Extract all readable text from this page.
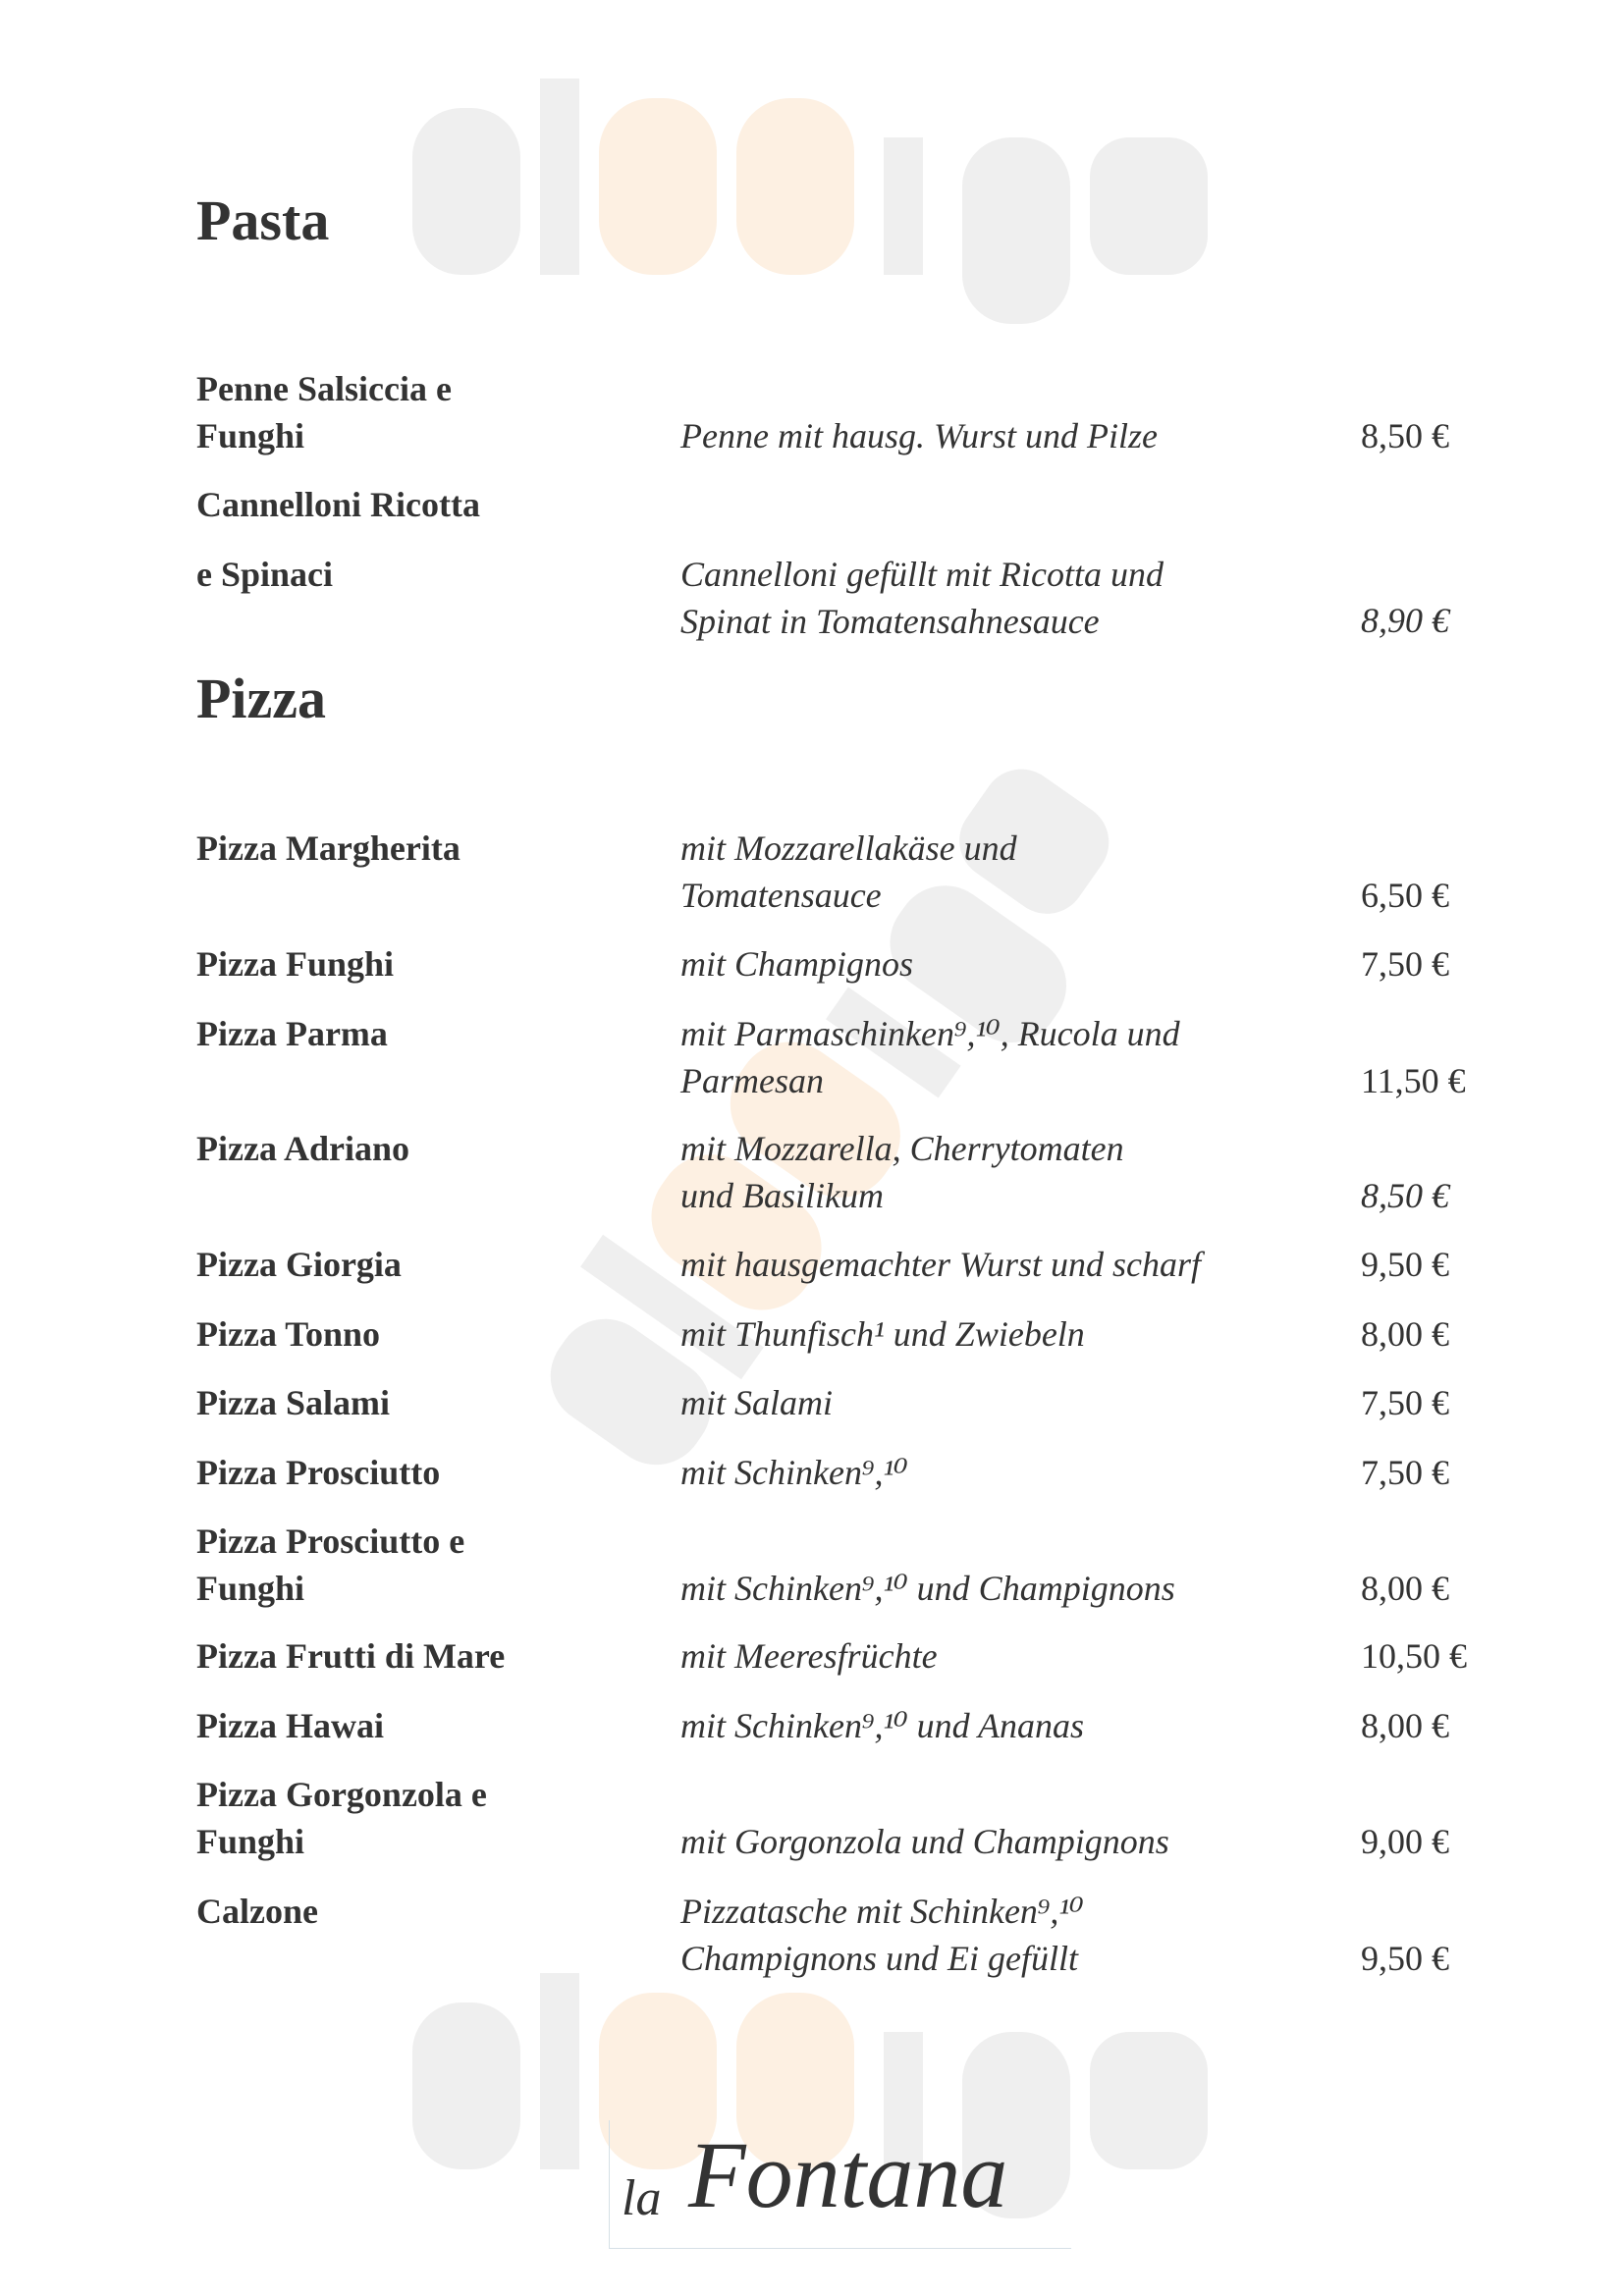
Pasta
Penne Salsiccia e
Funghi	Penne mit hausg. Wurst und Pilze	8,50 €
Cannelloni Ricotta
e Spinaci	Cannelloni gefüllt mit Ricotta und
Spinat in Tomatensahnesauce	8,90 €
Pizza
Pizza Margherita	mit Mozzarellakäse und
Tomatensauce	6,50 €
Pizza Funghi	mit Champignos	7,50 €
Pizza Parma	mit Parmaschinken⁹,¹⁰, Rucola und
Parmesan	11,50 €
Pizza Adriano	mit Mozzarella, Cherrytomaten
und Basilikum	8,50 €
Pizza Giorgia	mit hausgemachter Wurst und scharf	9,50 €
Pizza Tonno	mit Thunfisch¹ und Zwiebeln	8,00 €
Pizza Salami	mit Salami	7,50 €
Pizza Prosciutto	mit Schinken⁹,¹⁰	7,50 €
Pizza Prosciutto e
Funghi	mit Schinken⁹,¹⁰ und Champignons	8,00 €
Pizza Frutti di Mare	mit Meeresfrüchte	10,50 €
Pizza Hawai	mit Schinken⁹,¹⁰ und Ananas	8,00 €
Pizza Gorgonzola e
Funghi	mit Gorgonzola und Champignons	9,00 €
Calzone	Pizzatasche mit Schinken⁹,¹⁰
Champignons und Ei gefüllt	9,50 €
la Fontana
